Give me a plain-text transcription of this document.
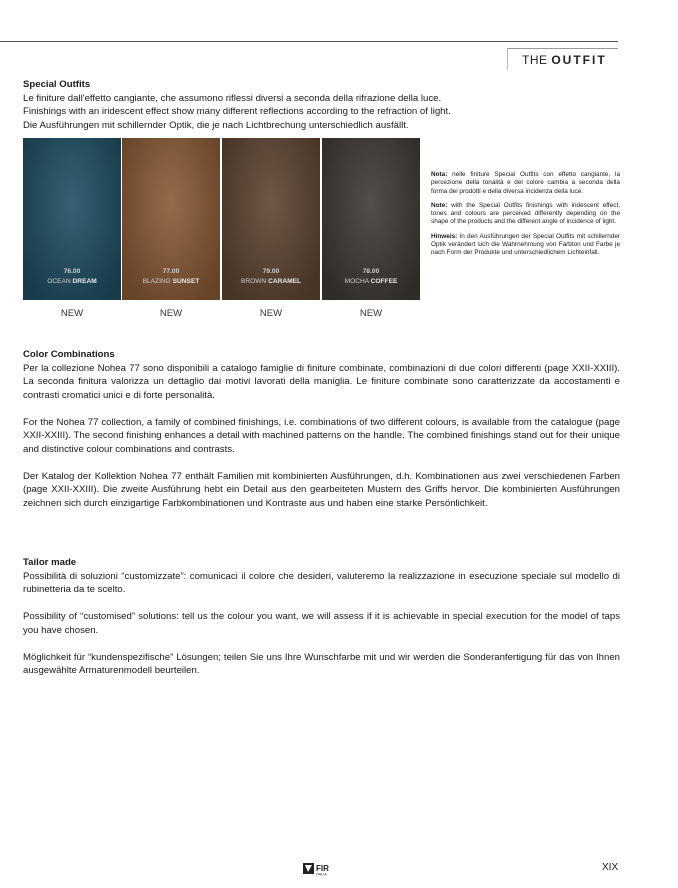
THE OUTFIT
Special Outfits

Le finiture dall'effetto cangiante, che assumono riflessi diversi a seconda della rifrazione della luce.

Finishings with an iridescent effect show many different reflections according to the refraction of light.

Die Ausführungen mit schillernder Optik, die je nach Lichtbrechung unterschiedlich ausfällt.

76.00
OCEAN DREAM
77.00
BLAZING SUNSET
79.00
BROWN CARAMEL
78.00
MOCHA COFFEE
NEW	NEW	NEW	NEW

Nota: nelle finiture Special Outfits con effetto cangiante, la percezione della tonalità e del colore cambia a seconda della forma dei prodotti e della diversa incidenza della luce.

Note: with the Special Outfits finishings with iridescent effect, tones and colours are perceived differently depending on the shape of the products and the different angle of incidence of light.

Hinweis: In den Ausführungen der Special Outfits mit schillernder Optik verändert sich die Wahrnehmung von Farbton und Farbe je nach Form der Produkte und unterschiedlichem Lichteinfall.

Color Combinations

Per la collezione Nohea 77 sono disponibili a catalogo famiglie di finiture combinate, combinazioni di due colori differenti (page XXII-XXIII). La seconda finitura valorizza un dettaglio dai motivi lavorati della maniglia. Le finiture combinate sono caratterizzate da accostamenti e contrasti cromatici unici e di forte personalità.

For the Nohea 77 collection, a family of combined finishings, i.e. combinations of two different colours, is available from the catalogue (page XXII-XXIII). The second finishing enhances a detail with machined patterns on the handle. The combined finishings stand out for their unique and distinctive colour combinations and contrasts.

Der Katalog der Kollektion Nohea 77 enthält Familien mit kombinierten Ausführungen, d.h. Kombinationen aus zwei verschiedenen Farben (page XXII-XXIII). Die zweite Ausführung hebt ein Detail aus den gearbeiteten Mustern des Griffs hervor. Die kombinierten Ausführungen zeichnen sich durch einzigartige Farbkombinationen und Kontraste aus und haben eine starke Persönlichkeit.

Tailor made

Possibilità di soluzioni “customizzate”: comunicaci il colore che desideri, valuteremo la realizzazione in esecuzione speciale sul modello di rubinetteria da te scelto.

Possibility of “customised” solutions: tell us the colour you want, we will assess if it is achievable in special execution for the model of taps you have chosen.

Möglichkeit für “kundenspezifische” Lösungen; teilen Sie uns Ihre Wunschfarbe mit und wir werden die Sonderanfertigung für das von Ihnen ausgewählte Armaturenmodell beurteilen.

FIR
ITALIA
XIX
